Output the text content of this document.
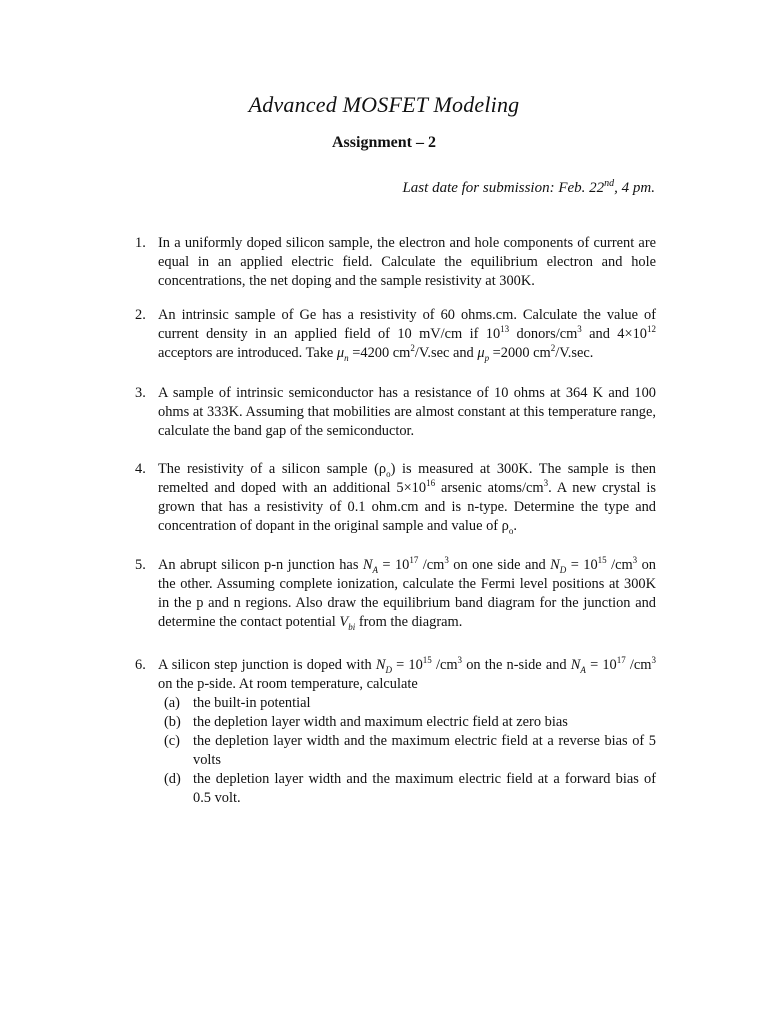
Advanced MOSFET Modeling
Assignment – 2
Last date for submission: Feb. 22nd, 4 pm.
1. In a uniformly doped silicon sample, the electron and hole components of current are equal in an applied electric field. Calculate the equilibrium electron and hole concentrations, the net doping and the sample resistivity at 300K.
2. An intrinsic sample of Ge has a resistivity of 60 ohms.cm. Calculate the value of current density in an applied field of 10 mV/cm if $10^{13}$ donors/$cm^3$ and $4\times 10^{12}$ acceptors are introduced. Take $\mu_n =4200$ $cm^2/V.\sec$ and $\mu_p =2000$ $cm^2/V.\sec$.
3. A sample of intrinsic semiconductor has a resistance of 10 ohms at 364 K and 100 ohms at 333K. Assuming that mobilities are almost constant at this temperature range, calculate the band gap of the semiconductor.
4. The resistivity of a silicon sample $(\rho_o)$ is measured at 300K. The sample is then remelted and doped with an additional $5\times 10^{16}$ arsenic atoms/$cm^3$. A new crystal is grown that has a resistivity of 0.1 ohm.cm and is n-type. Determine the type and concentration of dopant in the original sample and value of $\rho_o$.
5. An abrupt silicon p-n junction has $N_A = 10^{17}$ $/cm^3$ on one side and $N_D = 10^{15}$ $/cm^3$ on the other. Assuming complete ionization, calculate the Fermi level positions at 300K in the p and n regions. Also draw the equilibrium band diagram for the junction and determine the contact potential $V_{bi}$ from the diagram.
6. A silicon step junction is doped with $N_D = 10^{15}$ $/cm^3$ on the n-side and $N_A = 10^{17}$ $/cm^3$ on the p-side. At room temperature, calculate
(a) the built-in potential
(b) the depletion layer width and maximum electric field at zero bias
(c) the depletion layer width and the maximum electric field at a reverse bias of 5 volts
(d) the depletion layer width and the maximum electric field at a forward bias of 0.5 volt.
